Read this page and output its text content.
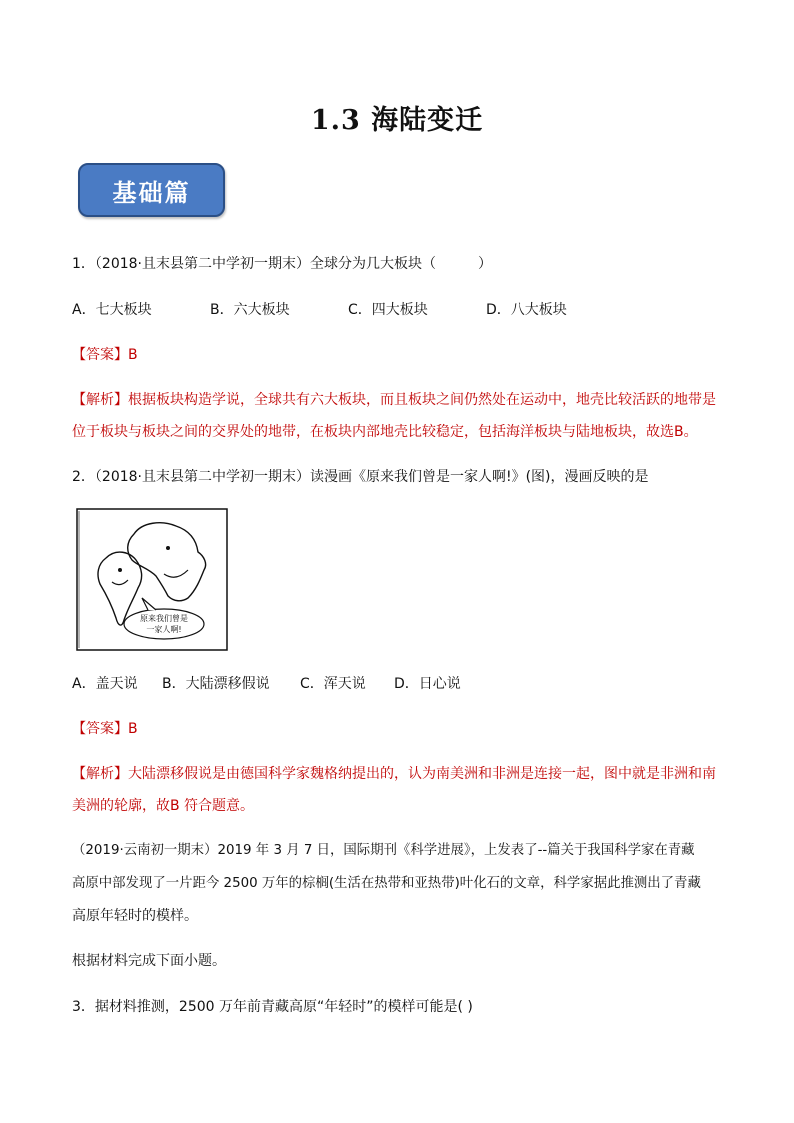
1.3 海陆变迁
基础篇
1．（2018·且末县第二中学初一期末）全球分为几大板块（　　　）
A．七大板块	B．六大板块	C．四大板块	D．八大板块
【答案】B
【解析】根据板块构造学说，全球共有六大板块，而且板块之间仍然处在运动中，地壳比较活跃的地带是
位于板块与板块之间的交界处的地带，在板块内部地壳比较稳定，包括海洋板块与陆地板块，故选B。
2．（2018·且末县第二中学初一期末）读漫画《原来我们曾是一家人啊!》(图)，漫画反映的是
原来我们曾是
一家人啊!
A．盖天说 B．大陆漂移假说 C．浑天说 D．日心说
【答案】B
【解析】大陆漂移假说是由德国科学家魏格纳提出的，认为南美洲和非洲是连接一起，图中就是非洲和南
美洲的轮廓，故B 符合题意。
（2019·云南初一期末）2019 年 3 月 7 日，国际期刊《科学进展》，上发表了--篇关于我国科学家在青藏
高原中部发现了一片距今 2500 万年的棕榈(生活在热带和亚热带)叶化石的文章，科学家据此推测出了青藏
高原年轻时的模样。
根据材料完成下面小题。
3．据材料推测，2500 万年前青藏高原“年轻时”的模样可能是( )
